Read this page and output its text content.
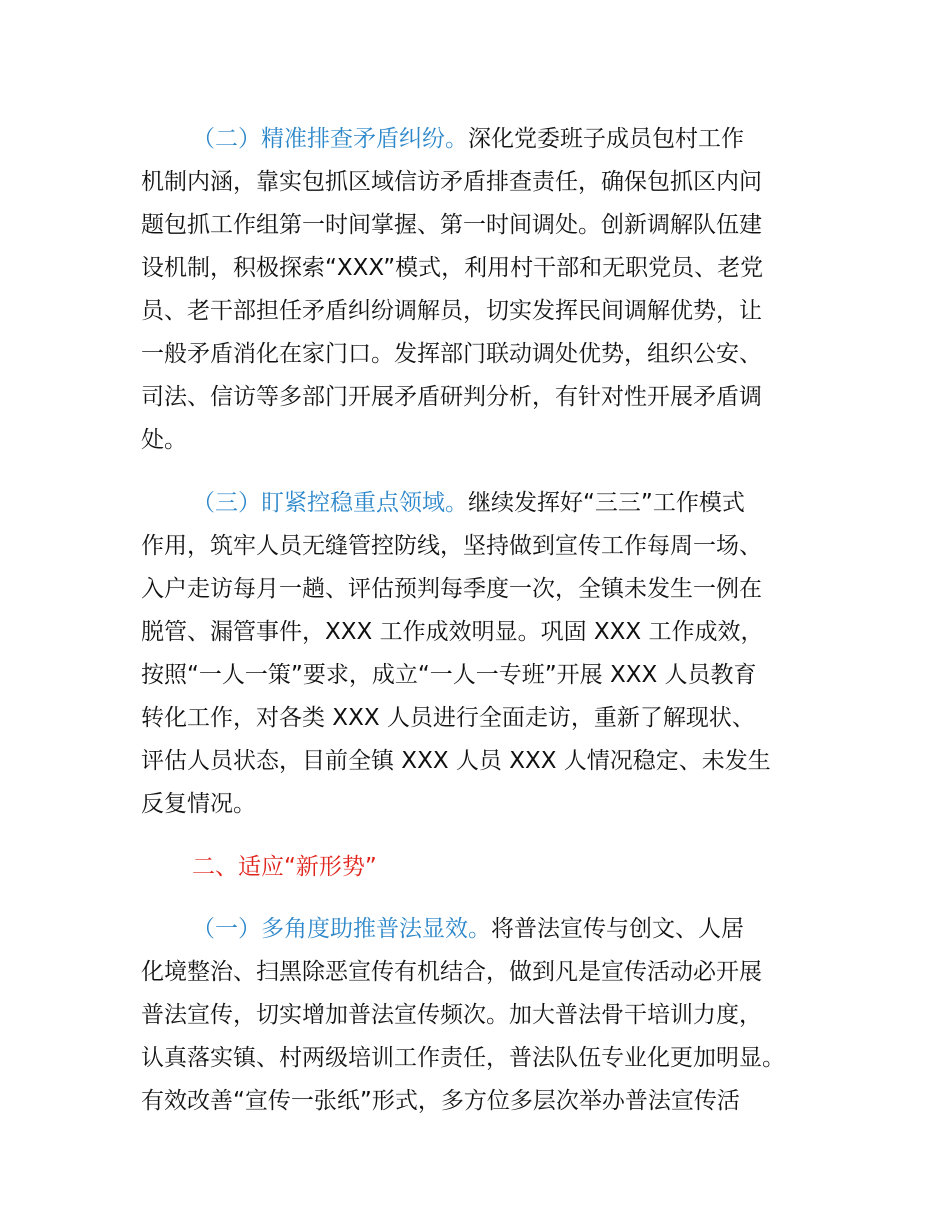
（二）精准排查矛盾纠纷。深化党委班子成员包村工作

机制内涵，靠实包抓区域信访矛盾排查责任，确保包抓区内问

题包抓工作组第一时间掌握、第一时间调处。创新调解队伍建

设机制，积极探索“XXX”模式，利用村干部和无职党员、老党

员、老干部担任矛盾纠纷调解员，切实发挥民间调解优势，让

一般矛盾消化在家门口。发挥部门联动调处优势，组织公安、

司法、信访等多部门开展矛盾研判分析，有针对性开展矛盾调

处。

（三）盯紧控稳重点领域。继续发挥好“三三”工作模式

作用，筑牢人员无缝管控防线，坚持做到宣传工作每周一场、

入户走访每月一趟、评估预判每季度一次，全镇未发生一例在

脱管、漏管事件，XXX 工作成效明显。巩固 XXX 工作成效，

按照“一人一策”要求，成立“一人一专班”开展 XXX 人员教育

转化工作，对各类 XXX 人员进行全面走访，重新了解现状、

评估人员状态，目前全镇 XXX 人员 XXX 人情况稳定、未发生

反复情况。

二、适应“新形势”

（一）多角度助推普法显效。将普法宣传与创文、人居

化境整治、扫黑除恶宣传有机结合，做到凡是宣传活动必开展

普法宣传，切实增加普法宣传频次。加大普法骨干培训力度，

认真落实镇、村两级培训工作责任，普法队伍专业化更加明显。

有效改善“宣传一张纸”形式，多方位多层次举办普法宣传活
